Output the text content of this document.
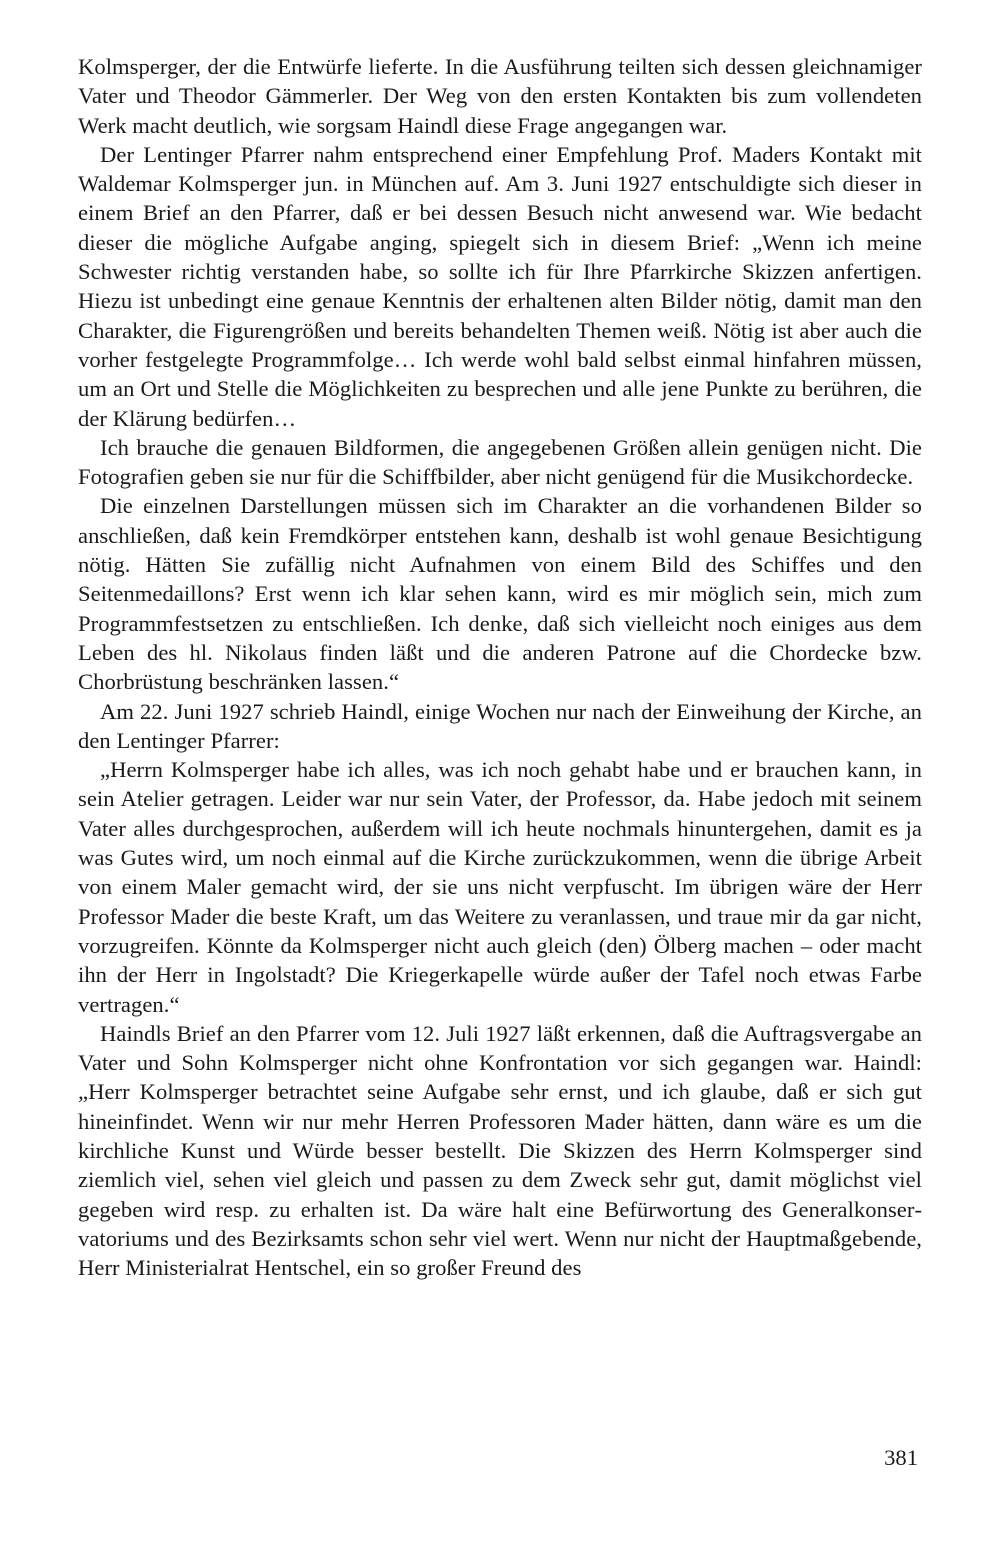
Kolmsperger, der die Entwürfe lieferte. In die Ausführung teilten sich dessen gleichnamiger Vater und Theodor Gämmerler. Der Weg von den ersten Kontakten bis zum vollendeten Werk macht deutlich, wie sorgsam Haindl diese Frage angegangen war.

Der Lentinger Pfarrer nahm entsprechend einer Empfehlung Prof. Maders Kontakt mit Waldemar Kolmsperger jun. in München auf. Am 3. Juni 1927 entschuldigte sich dieser in einem Brief an den Pfarrer, daß er bei dessen Besuch nicht anwesend war. Wie bedacht dieser die mögliche Aufgabe anging, spiegelt sich in diesem Brief: „Wenn ich meine Schwester richtig verstanden habe, so sollte ich für Ihre Pfarrkirche Skizzen anfertigen. Hiezu ist unbedingt eine genaue Kenntnis der erhaltenen alten Bilder nötig, damit man den Charakter, die Figurengrößen und bereits behandelten Themen weiß. Nötig ist aber auch die vorher festgelegte Programmfolge… Ich werde wohl bald selbst einmal hinfahren müssen, um an Ort und Stelle die Möglichkeiten zu besprechen und alle jene Punkte zu berühren, die der Klärung bedürfen…

Ich brauche die genauen Bildformen, die angegebenen Größen allein genügen nicht. Die Fotografien geben sie nur für die Schiffbilder, aber nicht genügend für die Musikchordecke.

Die einzelnen Darstellungen müssen sich im Charakter an die vorhandenen Bilder so anschließen, daß kein Fremdkörper entstehen kann, deshalb ist wohl genaue Besichtigung nötig. Hätten Sie zufällig nicht Aufnahmen von einem Bild des Schiffes und den Seitenmedaillons? Erst wenn ich klar sehen kann, wird es mir möglich sein, mich zum Programmfestsetzen zu entschließen. Ich denke, daß sich vielleicht noch einiges aus dem Leben des hl. Nikolaus finden läßt und die anderen Patrone auf die Chordecke bzw. Chorbrüstung beschränken lassen.“

Am 22. Juni 1927 schrieb Haindl, einige Wochen nur nach der Einweihung der Kirche, an den Lentinger Pfarrer:

„Herrn Kolmsperger habe ich alles, was ich noch gehabt habe und er brauchen kann, in sein Atelier getragen. Leider war nur sein Vater, der Professor, da. Habe jedoch mit seinem Vater alles durchgesprochen, außerdem will ich heute nochmals hinuntergehen, damit es ja was Gutes wird, um noch einmal auf die Kirche zurückzukommen, wenn die übrige Arbeit von einem Maler gemacht wird, der sie uns nicht verpfuscht. Im übrigen wäre der Herr Professor Mader die beste Kraft, um das Weitere zu veranlassen, und traue mir da gar nicht, vorzugreifen. Könnte da Kolmsperger nicht auch gleich (den) Ölberg machen – oder macht ihn der Herr in Ingolstadt? Die Kriegerkapelle würde außer der Tafel noch etwas Farbe vertragen.“

Haindls Brief an den Pfarrer vom 12. Juli 1927 läßt erkennen, daß die Auftragsvergabe an Vater und Sohn Kolmsperger nicht ohne Konfrontation vor sich gegangen war. Haindl: „Herr Kolmsperger betrachtet seine Aufgabe sehr ernst, und ich glaube, daß er sich gut hineinfindet. Wenn wir nur mehr Herren Professoren Mader hätten, dann wäre es um die kirchliche Kunst und Würde besser bestellt. Die Skizzen des Herrn Kolmsperger sind ziemlich viel, sehen viel gleich und passen zu dem Zweck sehr gut, damit möglichst viel gegeben wird resp. zu erhalten ist. Da wäre halt eine Befürwortung des Generalkonservatoriums und des Bezirksamts schon sehr viel wert. Wenn nur nicht der Hauptmaßgebende, Herr Ministerialrat Hentschel, ein so großer Freund des

381
